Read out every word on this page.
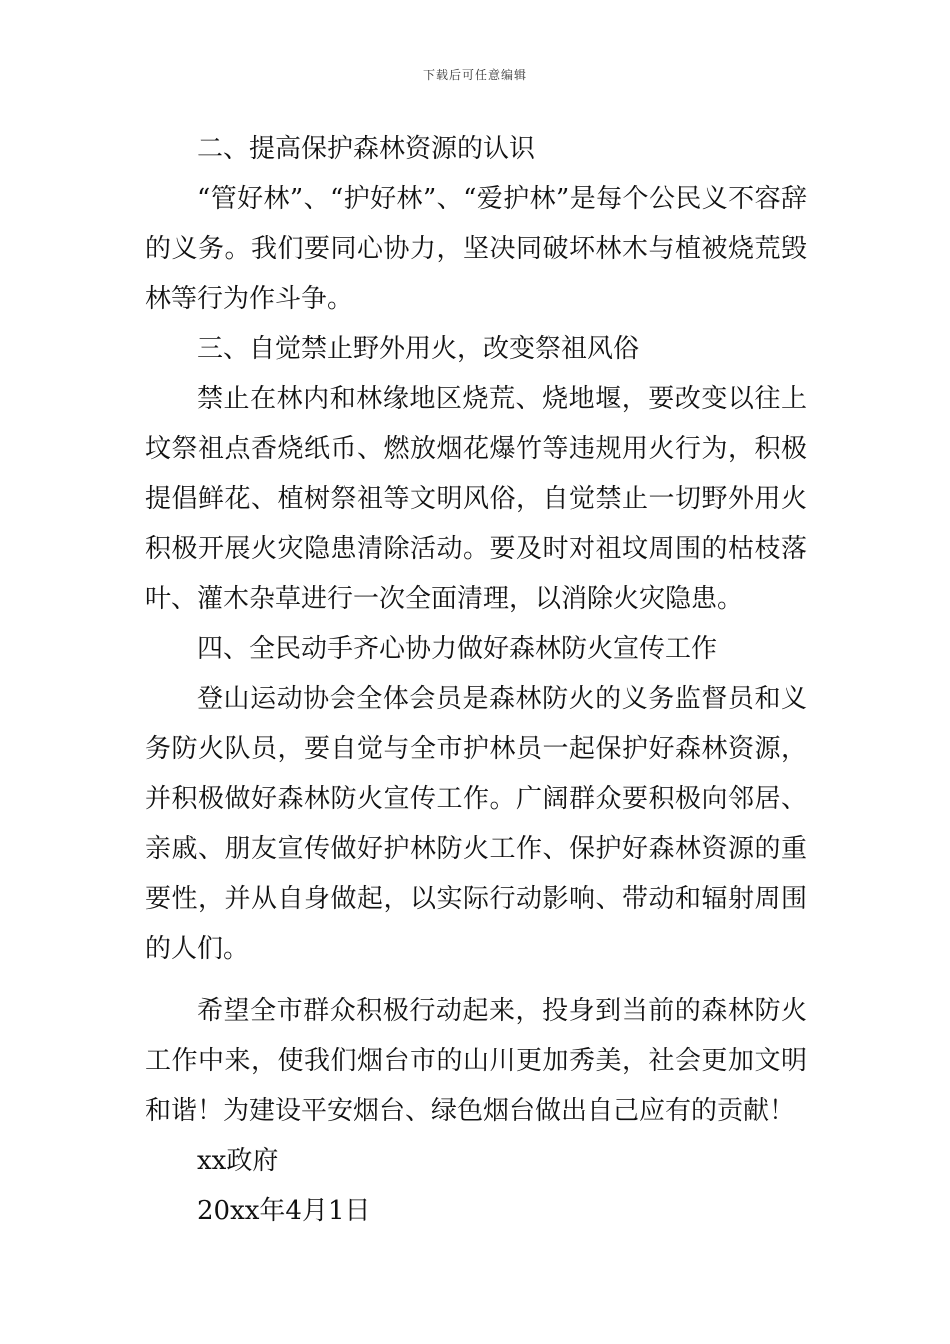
下载后可任意编辑

二、提高保护森林资源的认识

“管好林”、“护好林”、“爱护林”是每个公民义不容辞的义务。我们要同心协力，坚决同破坏林木与植被烧荒毁林等行为作斗争。

三、自觉禁止野外用火，改变祭祖风俗

禁止在林内和林缘地区烧荒、烧地堰，要改变以往上坟祭祖点香烧纸币、燃放烟花爆竹等违规用火行为，积极提倡鲜花、植树祭祖等文明风俗，自觉禁止一切野外用火积极开展火灾隐患清除活动。要及时对祖坟周围的枯枝落叶、灌木杂草进行一次全面清理，以消除火灾隐患。

四、全民动手齐心协力做好森林防火宣传工作

登山运动协会全体会员是森林防火的义务监督员和义务防火队员，要自觉与全市护林员一起保护好森林资源，并积极做好森林防火宣传工作。广阔群众要积极向邻居、亲戚、朋友宣传做好护林防火工作、保护好森林资源的重要性，并从自身做起，以实际行动影响、带动和辐射周围的人们。

希望全市群众积极行动起来，投身到当前的森林防火工作中来，使我们烟台市的山川更加秀美，社会更加文明和谐！为建设平安烟台、绿色烟台做出自己应有的贡献！

xx政府

20xx年4月1日
